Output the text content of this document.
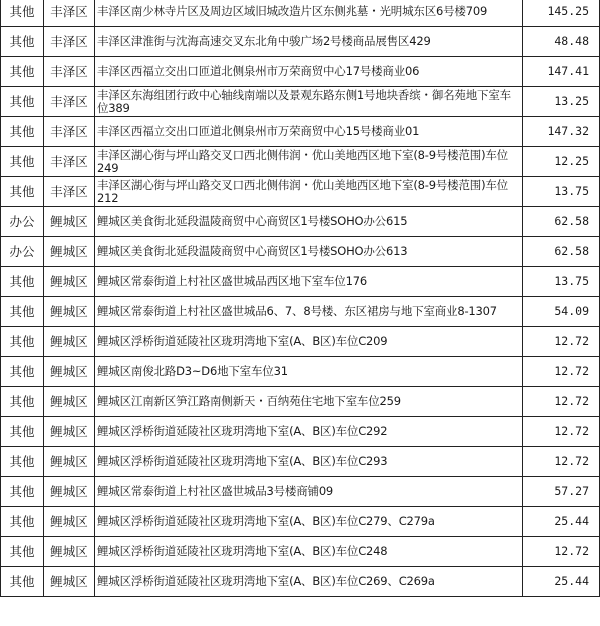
其他	丰泽区	丰泽区南少林寺片区及周边区域旧城改造片区东侧兆墓・光明城东区6号楼709	145.25
其他	丰泽区	丰泽区津淮街与沈海高速交叉东北角中骏广场2号楼商品展售区429	48.48
其他	丰泽区	丰泽区西福立交出口匝道北侧泉州市万荣商贸中心17号楼商业06	147.41
其他	丰泽区	丰泽区东海组团行政中心轴线南端以及景观东路东侧1号地块香缤・御名苑地下室车位389	13.25
其他	丰泽区	丰泽区西福立交出口匝道北侧泉州市万荣商贸中心15号楼商业01	147.32
其他	丰泽区	丰泽区湖心街与坪山路交叉口西北侧伟润・优山美地西区地下室(8-9号楼范围)车位249	12.25
其他	丰泽区	丰泽区湖心街与坪山路交叉口西北侧伟润・优山美地西区地下室(8-9号楼范围)车位212	13.75
办公	鲤城区	鲤城区美食街北延段温陵商贸中心商贸区1号楼SOHO办公615	62.58
办公	鲤城区	鲤城区美食街北延段温陵商贸中心商贸区1号楼SOHO办公613	62.58
其他	鲤城区	鲤城区常泰街道上村社区盛世城品西区地下室车位176	13.75
其他	鲤城区	鲤城区常泰街道上村社区盛世城品6、7、8号楼、东区裙房与地下室商业8-1307	54.09
其他	鲤城区	鲤城区浮桥街道延陵社区珑玥湾地下室(A、B区)车位C209	12.72
其他	鲤城区	鲤城区南俊北路D3~D6地下室车位31	12.72
其他	鲤城区	鲤城区江南新区笋江路南侧新天・百纳苑住宅地下室车位259	12.72
其他	鲤城区	鲤城区浮桥街道延陵社区珑玥湾地下室(A、B区)车位C292	12.72
其他	鲤城区	鲤城区浮桥街道延陵社区珑玥湾地下室(A、B区)车位C293	12.72
其他	鲤城区	鲤城区常泰街道上村社区盛世城品3号楼商铺09	57.27
其他	鲤城区	鲤城区浮桥街道延陵社区珑玥湾地下室(A、B区)车位C279、C279a	25.44
其他	鲤城区	鲤城区浮桥街道延陵社区珑玥湾地下室(A、B区)车位C248	12.72
其他	鲤城区	鲤城区浮桥街道延陵社区珑玥湾地下室(A、B区)车位C269、C269a	25.44
